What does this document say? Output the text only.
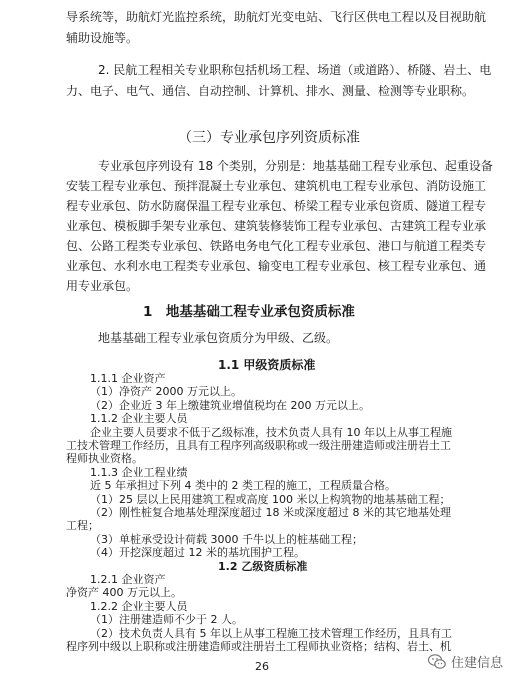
导系统等，助航灯光监控系统，助航灯光变电站、飞行区供电工程以及目视助航
辅助设施等。
2. 民航工程相关专业职称包括机场工程、场道（或道路）、桥隧、岩土、电
力、电子、电气、通信、自动控制、计算机、排水、测量、检测等专业职称。
（三）专业承包序列资质标准
专业承包序列设有 18 个类别，分别是：地基基础工程专业承包、起重设备
安装工程专业承包、预拌混凝土专业承包、建筑机电工程专业承包、消防设施工
程专业承包、防水防腐保温工程专业承包、桥梁工程专业承包资质、隧道工程专
业承包、模板脚手架专业承包、建筑装修装饰工程专业承包、古建筑工程专业承
包、公路工程类专业承包、铁路电务电气化工程专业承包、港口与航道工程类专
业承包、水利水电工程类专业承包、输变电工程专业承包、核工程专业承包、通
用专业承包。
1　地基基础工程专业承包资质标准
地基基础工程专业承包资质分为甲级、乙级。
1.1 甲级资质标准
1.1.1 企业资产
（1）净资产 2000 万元以上。
（2）企业近 3 年上缴建筑业增值税均在 200 万元以上。
1.1.2 企业主要人员
企业主要人员要求不低于乙级标准，技术负责人具有 10 年以上从事工程施
工技术管理工作经历，且具有工程序列高级职称或一级注册建造师或注册岩土工
程师执业资格。
1.1.3 企业工程业绩
近 5 年承担过下列 4 类中的 2 类工程的施工，工程质量合格。
（1）25 层以上民用建筑工程或高度 100 米以上构筑物的地基基础工程；
（2）刚性桩复合地基处理深度超过 18 米或深度超过 8 米的其它地基处理
工程；
（3）单桩承受设计荷载 3000 千牛以上的桩基础工程；
（4）开挖深度超过 12 米的基坑围护工程。
1.2 乙级资质标准
1.2.1 企业资产
净资产 400 万元以上。
1.2.2 企业主要人员
（1）注册建造师不少于 2 人。
（2）技术负责人具有 5 年以上从事工程施工技术管理工作经历，且具有工
程序列中级以上职称或注册建造师或注册岩土工程师执业资格；结构、岩土、机
26	住建信息
